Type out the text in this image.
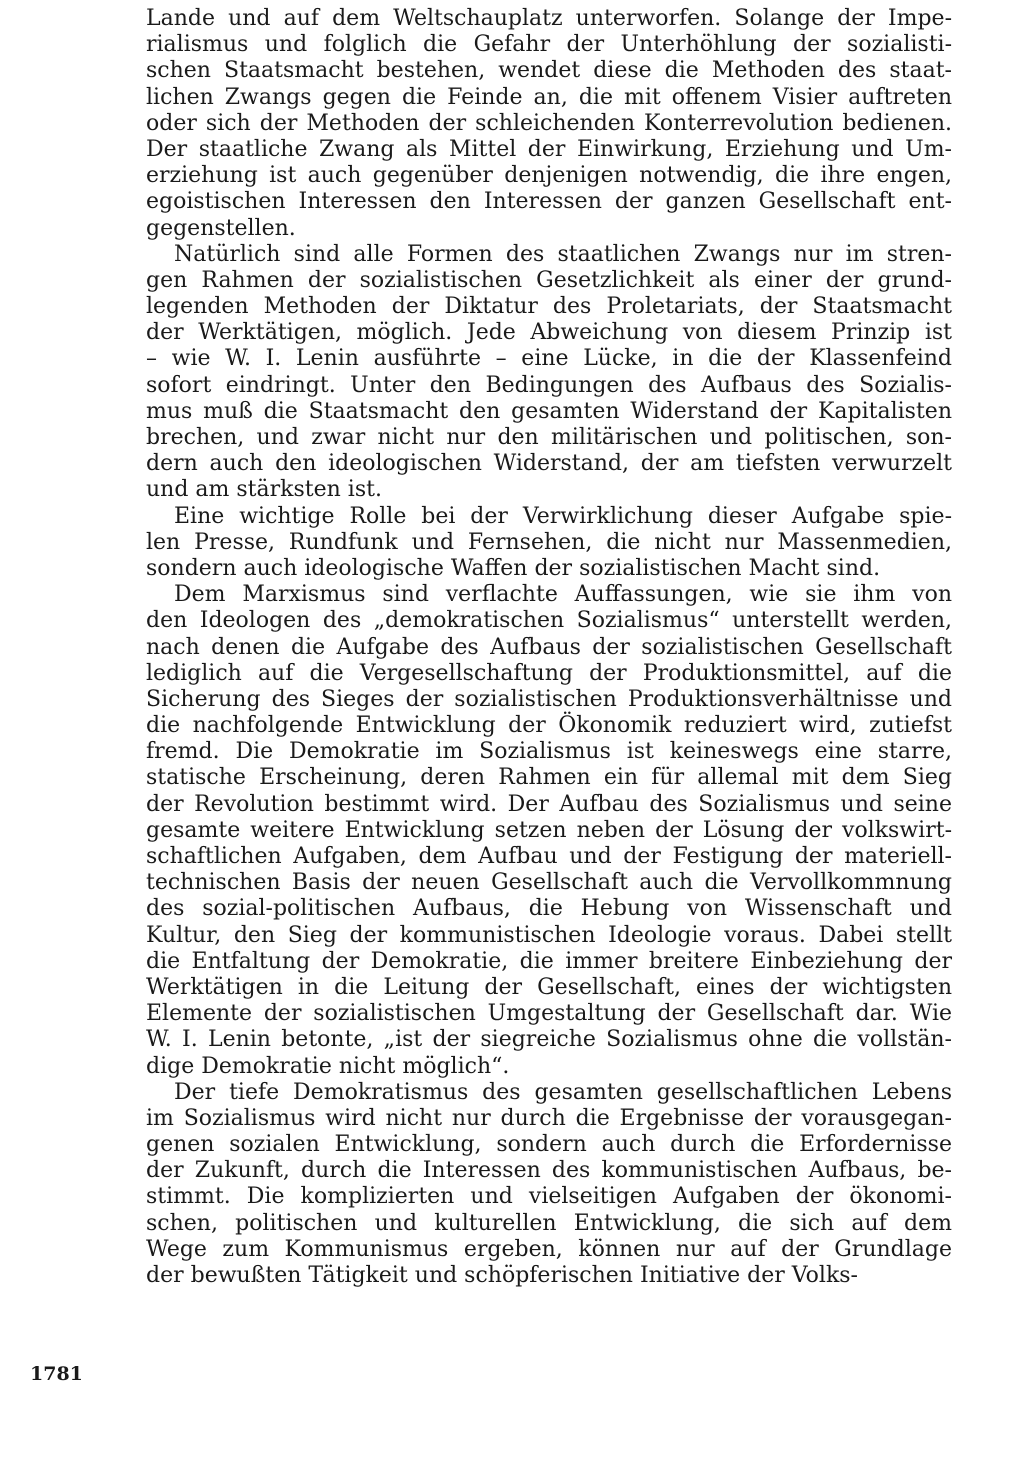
Lande und auf dem Weltschauplatz unterworfen. Solange der Impe-
rialismus und folglich die Gefahr der Unterhöhlung der sozialisti-
schen Staatsmacht bestehen, wendet diese die Methoden des staat-
lichen Zwangs gegen die Feinde an, die mit offenem Visier auftreten
oder sich der Methoden der schleichenden Konterrevolution bedienen.
Der staatliche Zwang als Mittel der Einwirkung, Erziehung und Um-
erziehung ist auch gegenüber denjenigen notwendig, die ihre engen,
egoistischen Interessen den Interessen der ganzen Gesellschaft ent-
gegenstellen.
Natürlich sind alle Formen des staatlichen Zwangs nur im stren-
gen Rahmen der sozialistischen Gesetzlichkeit als einer der grund-
legenden Methoden der Diktatur des Proletariats, der Staatsmacht
der Werktätigen, möglich. Jede Abweichung von diesem Prinzip ist
– wie W. I. Lenin ausführte – eine Lücke, in die der Klassenfeind
sofort eindringt. Unter den Bedingungen des Aufbaus des Sozialis-
mus muß die Staatsmacht den gesamten Widerstand der Kapitalisten
brechen, und zwar nicht nur den militärischen und politischen, son-
dern auch den ideologischen Widerstand, der am tiefsten verwurzelt
und am stärksten ist.
Eine wichtige Rolle bei der Verwirklichung dieser Aufgabe spie-
len Presse, Rundfunk und Fernsehen, die nicht nur Massenmedien,
sondern auch ideologische Waffen der sozialistischen Macht sind.
Dem Marxismus sind verflachte Auffassungen, wie sie ihm von
den Ideologen des „demokratischen Sozialismus“ unterstellt werden,
nach denen die Aufgabe des Aufbaus der sozialistischen Gesellschaft
lediglich auf die Vergesellschaftung der Produktionsmittel, auf die
Sicherung des Sieges der sozialistischen Produktionsverhältnisse und
die nachfolgende Entwicklung der Ökonomik reduziert wird, zutiefst
fremd. Die Demokratie im Sozialismus ist keineswegs eine starre,
statische Erscheinung, deren Rahmen ein für allemal mit dem Sieg
der Revolution bestimmt wird. Der Aufbau des Sozialismus und seine
gesamte weitere Entwicklung setzen neben der Lösung der volkswirt-
schaftlichen Aufgaben, dem Aufbau und der Festigung der materiell-
technischen Basis der neuen Gesellschaft auch die Vervollkommnung
des sozial-politischen Aufbaus, die Hebung von Wissenschaft und
Kultur, den Sieg der kommunistischen Ideologie voraus. Dabei stellt
die Entfaltung der Demokratie, die immer breitere Einbeziehung der
Werktätigen in die Leitung der Gesellschaft, eines der wichtigsten
Elemente der sozialistischen Umgestaltung der Gesellschaft dar. Wie
W. I. Lenin betonte, „ist der siegreiche Sozialismus ohne die vollstän-
dige Demokratie nicht möglich“.
Der tiefe Demokratismus des gesamten gesellschaftlichen Lebens
im Sozialismus wird nicht nur durch die Ergebnisse der vorausgegan-
genen sozialen Entwicklung, sondern auch durch die Erfordernisse
der Zukunft, durch die Interessen des kommunistischen Aufbaus, be-
stimmt. Die komplizierten und vielseitigen Aufgaben der ökonomi-
schen, politischen und kulturellen Entwicklung, die sich auf dem
Wege zum Kommunismus ergeben, können nur auf der Grundlage
der bewußten Tätigkeit und schöpferischen Initiative der Volks-
1781
